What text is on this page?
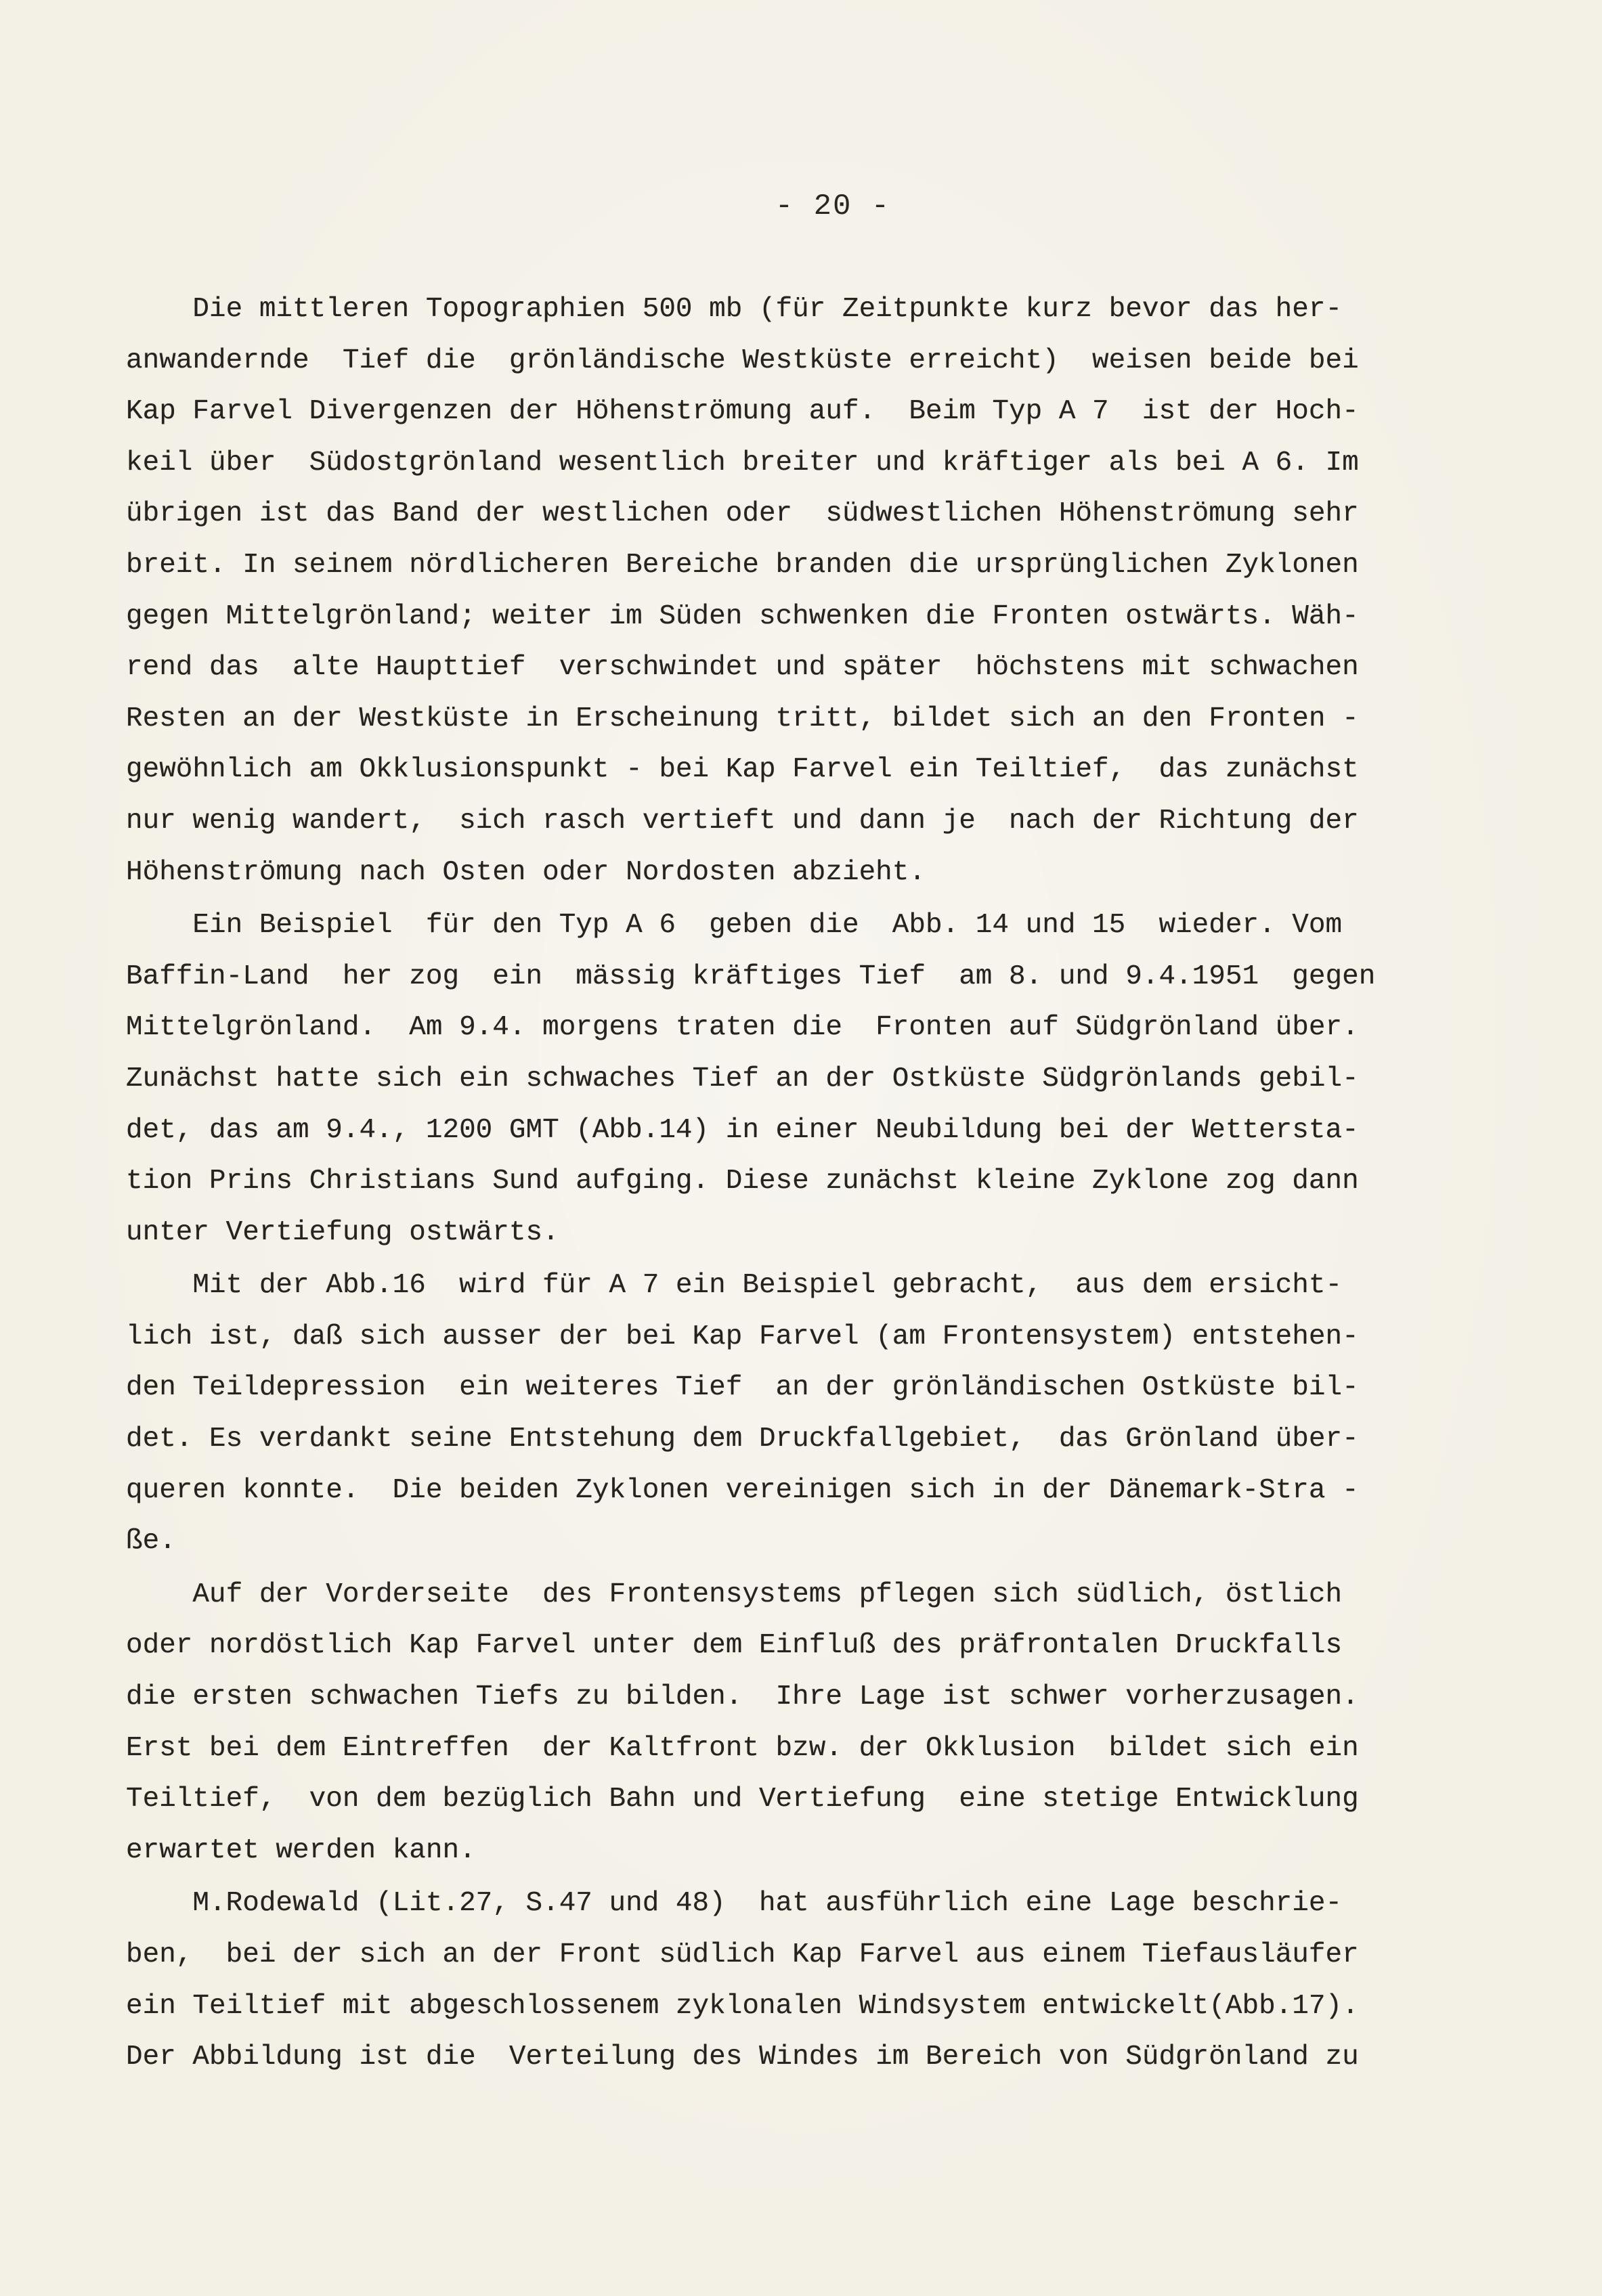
- 20 -
Die mittleren Topographien 500 mb (für Zeitpunkte kurz bevor das her-
anwandernde  Tief die  grönländische Westküste erreicht)  weisen beide bei
Kap Farvel Divergenzen der Höhenströmung auf.  Beim Typ A 7  ist der Hoch-
keil über  Südostgrönland wesentlich breiter und kräftiger als bei A 6. Im
übrigen ist das Band der westlichen oder  südwestlichen Höhenströmung sehr
breit. In seinem nördlicheren Bereiche branden die ursprünglichen Zyklonen
gegen Mittelgrönland; weiter im Süden schwenken die Fronten ostwärts. Wäh-
rend das  alte Haupttief  verschwindet und später  höchstens mit schwachen
Resten an der Westküste in Erscheinung tritt, bildet sich an den Fronten -
gewöhnlich am Okklusionspunkt - bei Kap Farvel ein Teiltief,  das zunächst
nur wenig wandert,  sich rasch vertieft und dann je  nach der Richtung der
Höhenströmung nach Osten oder Nordosten abzieht.
Ein Beispiel  für den Typ A 6  geben die  Abb. 14 und 15  wieder. Vom
Baffin-Land  her zog  ein  mässig kräftiges Tief  am 8. und 9.4.1951  gegen
Mittelgrönland.  Am 9.4. morgens traten die  Fronten auf Südgrönland über.
Zunächst hatte sich ein schwaches Tief an der Ostküste Südgrönlands gebil-
det, das am 9.4., 1200 GMT (Abb.14) in einer Neubildung bei der Wettersta-
tion Prins Christians Sund aufging. Diese zunächst kleine Zyklone zog dann
unter Vertiefung ostwärts.
Mit der Abb.16  wird für A 7 ein Beispiel gebracht,  aus dem ersicht-
lich ist, daß sich ausser der bei Kap Farvel (am Frontensystem) entstehen-
den Teildepression  ein weiteres Tief  an der grönländischen Ostküste bil-
det. Es verdankt seine Entstehung dem Druckfallgebiet,  das Grönland über-
queren konnte.  Die beiden Zyklonen vereinigen sich in der Dänemark-Stra -
ße.
Auf der Vorderseite  des Frontensystems pflegen sich südlich, östlich
oder nordöstlich Kap Farvel unter dem Einfluß des präfrontalen Druckfalls
die ersten schwachen Tiefs zu bilden.  Ihre Lage ist schwer vorherzusagen.
Erst bei dem Eintreffen  der Kaltfront bzw. der Okklusion  bildet sich ein
Teiltief,  von dem bezüglich Bahn und Vertiefung  eine stetige Entwicklung
erwartet werden kann.
M.Rodewald (Lit.27, S.47 und 48)  hat ausführlich eine Lage beschrie-
ben,  bei der sich an der Front südlich Kap Farvel aus einem Tiefausläufer
ein Teiltief mit abgeschlossenem zyklonalen Windsystem entwickelt(Abb.17).
Der Abbildung ist die  Verteilung des Windes im Bereich von Südgrönland zu
